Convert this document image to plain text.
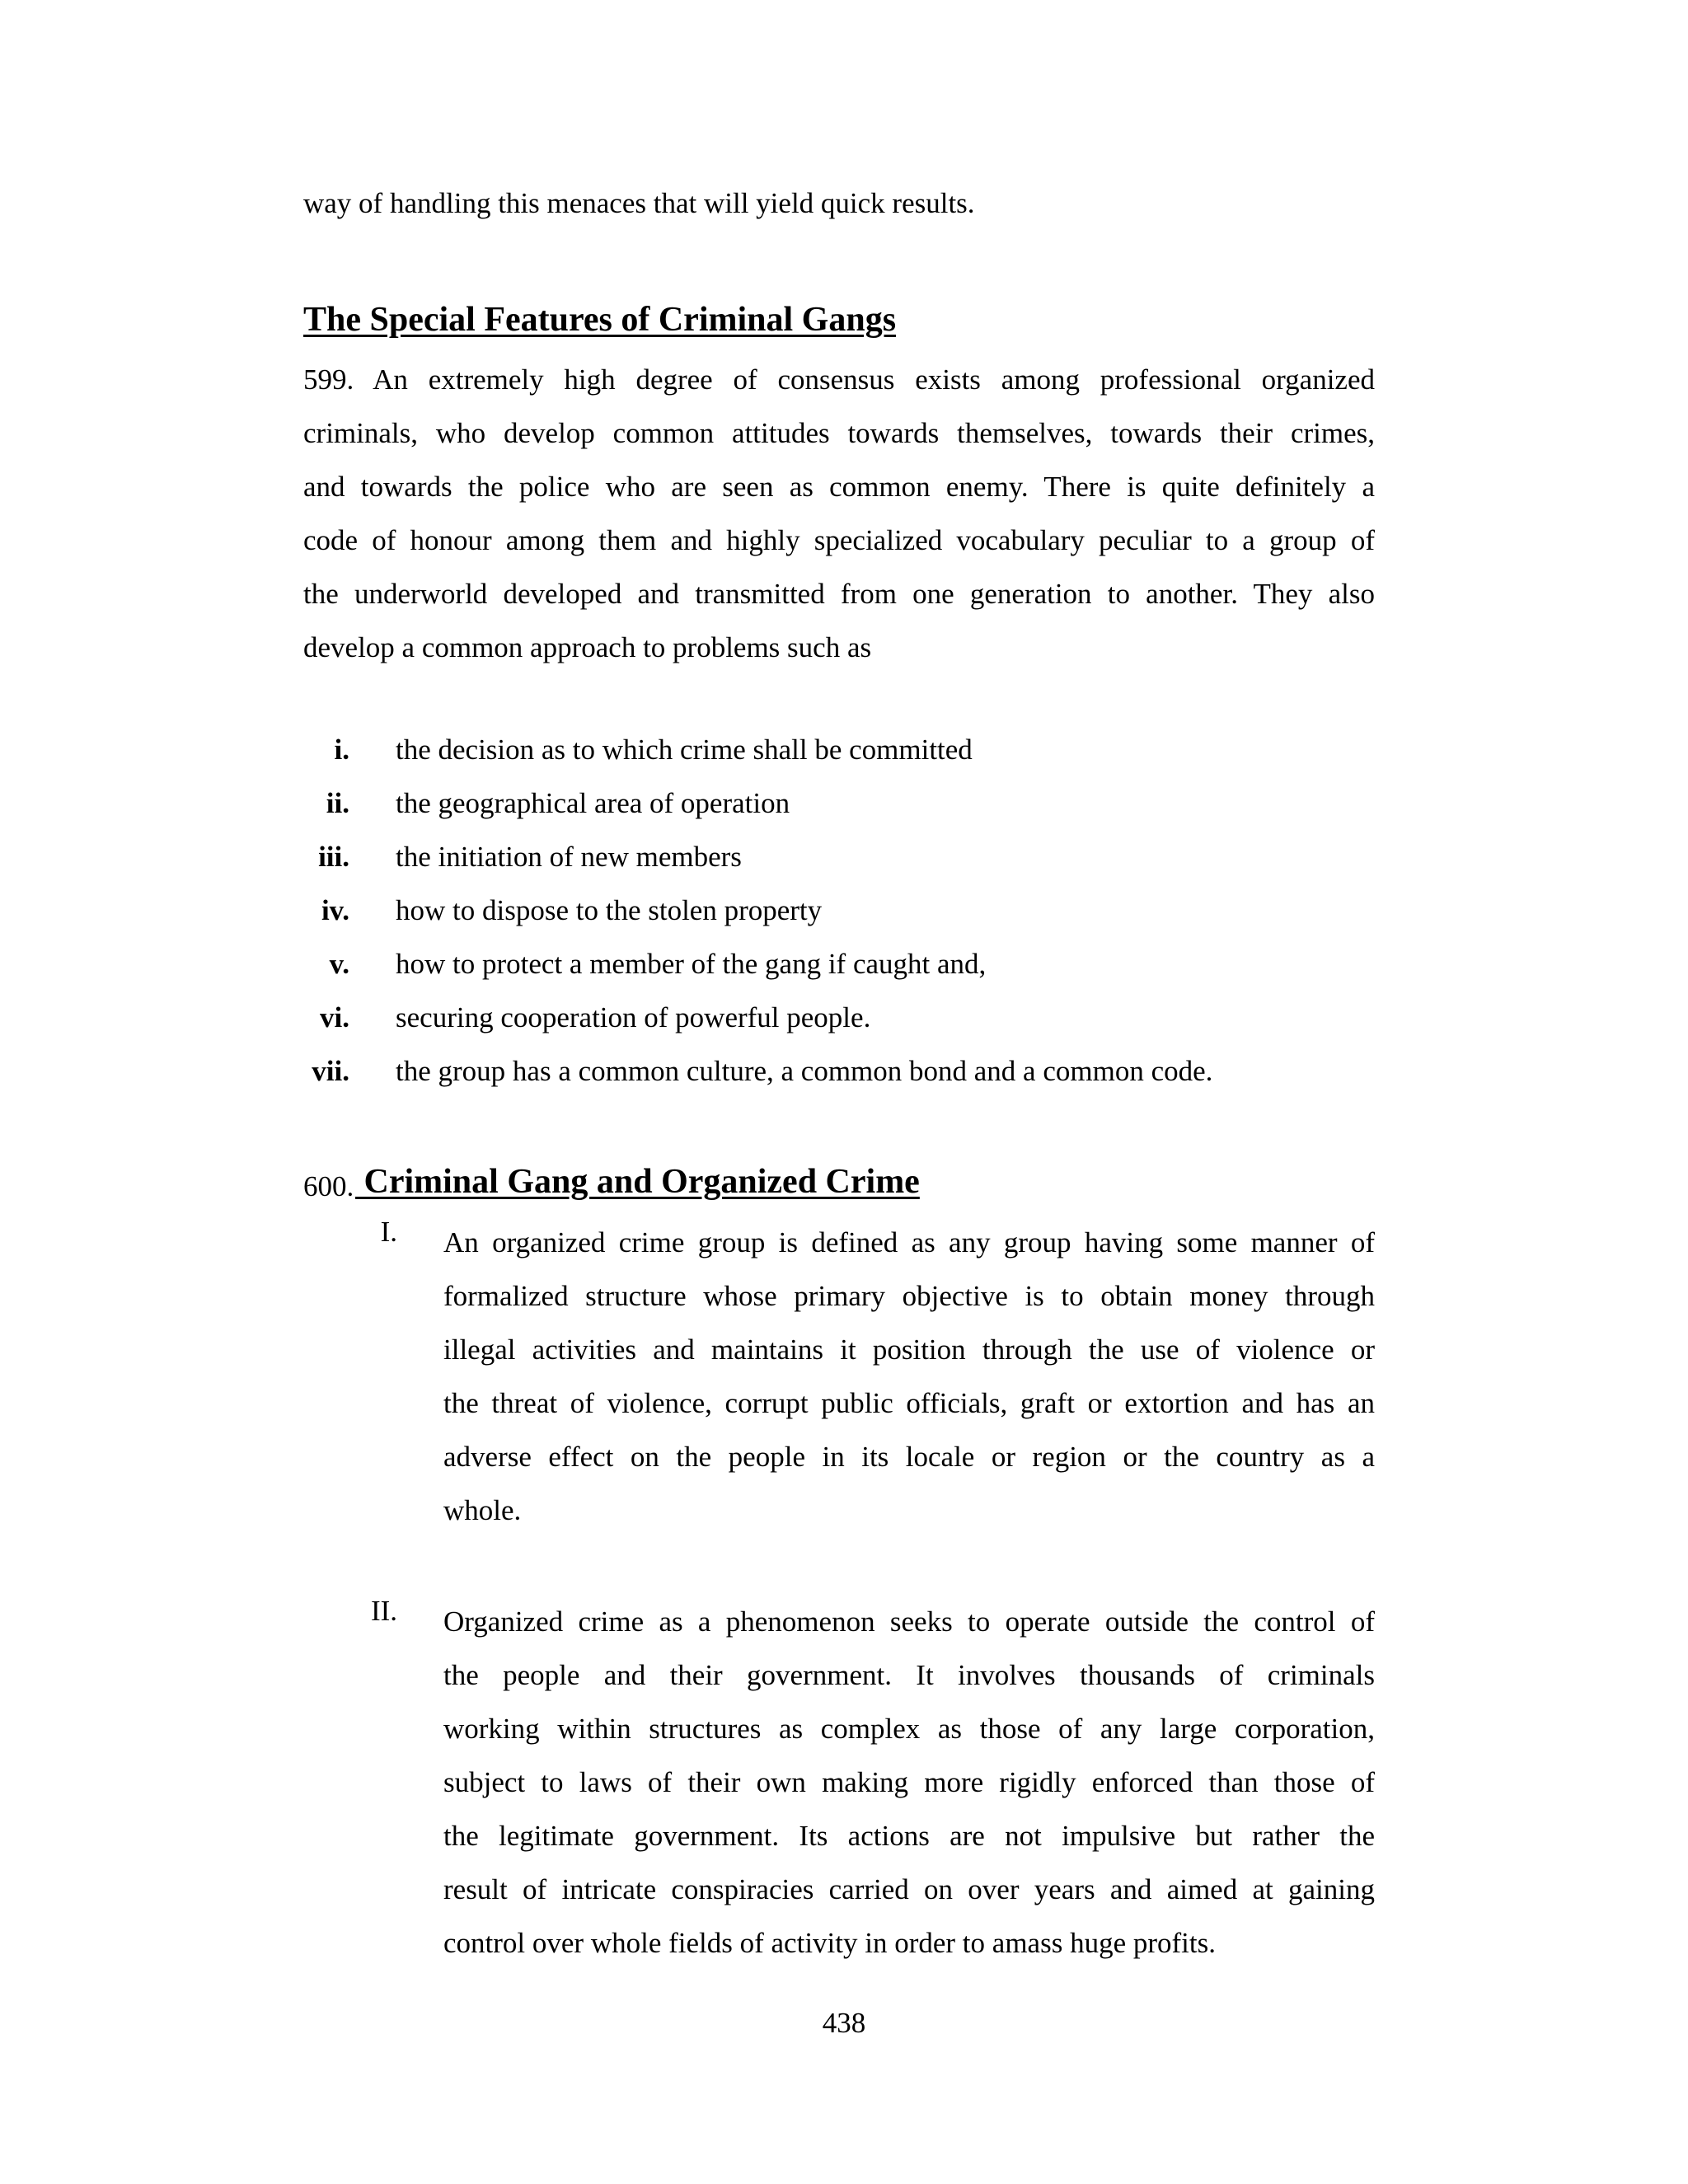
way of handling this menaces that will yield quick results.
The Special Features of Criminal Gangs
599. An extremely high degree of consensus exists among professional organized
criminals, who develop common attitudes towards themselves, towards their crimes,
and towards the police who are seen as common enemy. There is quite definitely a
code of honour among them and highly specialized vocabulary peculiar to a group of
the underworld developed and transmitted from one generation to another. They also
develop a common approach to problems such as
i. the decision as to which crime shall be committed
ii. the geographical area of operation
iii. the initiation of new members
iv. how to dispose to the stolen property
v. how to protect a member of the gang if caught and,
vi. securing cooperation of powerful people.
vii. the group has a common culture, a common bond and a common code.
600. Criminal Gang and Organized Crime
I. An organized crime group is defined as any group having some manner of
formalized structure whose primary objective is to obtain money through
illegal activities and maintains it position through the use of violence or
the threat of violence, corrupt public officials, graft or extortion and has an
adverse effect on the people in its locale or region or the country as a
whole.
II. Organized crime as a phenomenon seeks to operate outside the control of
the people and their government. It involves thousands of criminals
working within structures as complex as those of any large corporation,
subject to laws of their own making more rigidly enforced than those of
the legitimate government. Its actions are not impulsive but rather the
result of intricate conspiracies carried on over years and aimed at gaining
control over whole fields of activity in order to amass huge profits.
438
